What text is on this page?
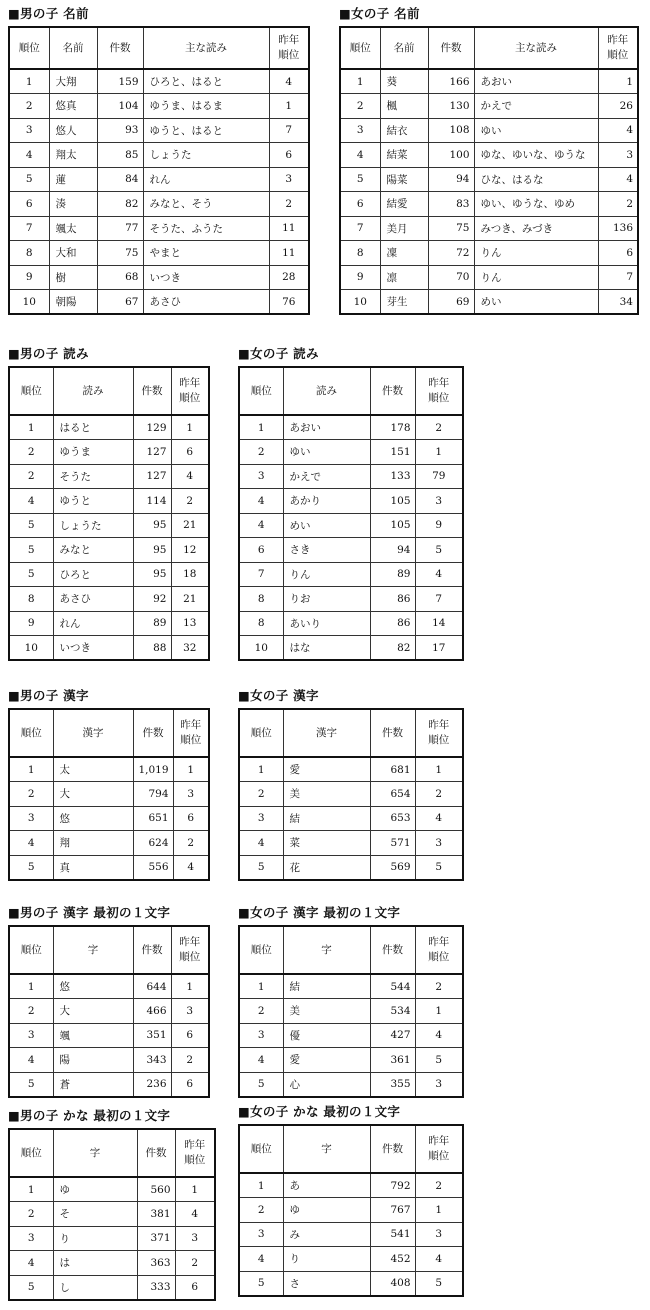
■男の子 名前
順位	名前	件数	主な読み	昨年
順位
1	大翔	159	ひろと、はると	4
2	悠真	104	ゆうま、はるま	1
3	悠人	93	ゆうと、はると	7
4	翔太	85	しょうた	6
5	蓮	84	れん	3
6	湊	82	みなと、そう	2
7	颯太	77	そうた、ふうた	11
8	大和	75	やまと	11
9	樹	68	いつき	28
10	朝陽	67	あさひ	76
■女の子 名前
順位	名前	件数	主な読み	昨年
順位
1	葵	166	あおい	1
2	楓	130	かえで	26
3	結衣	108	ゆい	4
4	結菜	100	ゆな、ゆいな、ゆうな	3
5	陽菜	94	ひな、はるな	4
6	結愛	83	ゆい、ゆうな、ゆめ	2
7	美月	75	みつき、みづき	136
8	凜	72	りん	6
9	凛	70	りん	7
10	芽生	69	めい	34
■男の子 読み
順位	読み	件数	昨年
順位
1	はると	129	1
2	ゆうま	127	6
2	そうた	127	4
4	ゆうと	114	2
5	しょうた	95	21
5	みなと	95	12
5	ひろと	95	18
8	あさひ	92	21
9	れん	89	13
10	いつき	88	32
■女の子 読み
順位	読み	件数	昨年
順位
1	あおい	178	2
2	ゆい	151	1
3	かえで	133	79
4	あかり	105	3
4	めい	105	9
6	さき	94	5
7	りん	89	4
8	りお	86	7
8	あいり	86	14
10	はな	82	17
■男の子 漢字
順位	漢字	件数	昨年
順位
1	太	1,019	1
2	大	794	3
3	悠	651	6
4	翔	624	2
5	真	556	4
■女の子 漢字
順位	漢字	件数	昨年
順位
1	愛	681	1
2	美	654	2
3	結	653	4
4	菜	571	3
5	花	569	5
■男の子 漢字 最初の１文字
順位	字	件数	昨年
順位
1	悠	644	1
2	大	466	3
3	颯	351	6
4	陽	343	2
5	蒼	236	6
■女の子 漢字 最初の１文字
順位	字	件数	昨年
順位
1	結	544	2
2	美	534	1
3	優	427	4
4	愛	361	5
5	心	355	3
■男の子 かな 最初の１文字
順位	字	件数	昨年
順位
1	ゆ	560	1
2	そ	381	4
3	り	371	3
4	は	363	2
5	し	333	6
■女の子 かな 最初の１文字
順位	字	件数	昨年
順位
1	あ	792	2
2	ゆ	767	1
3	み	541	3
4	り	452	4
5	さ	408	5
